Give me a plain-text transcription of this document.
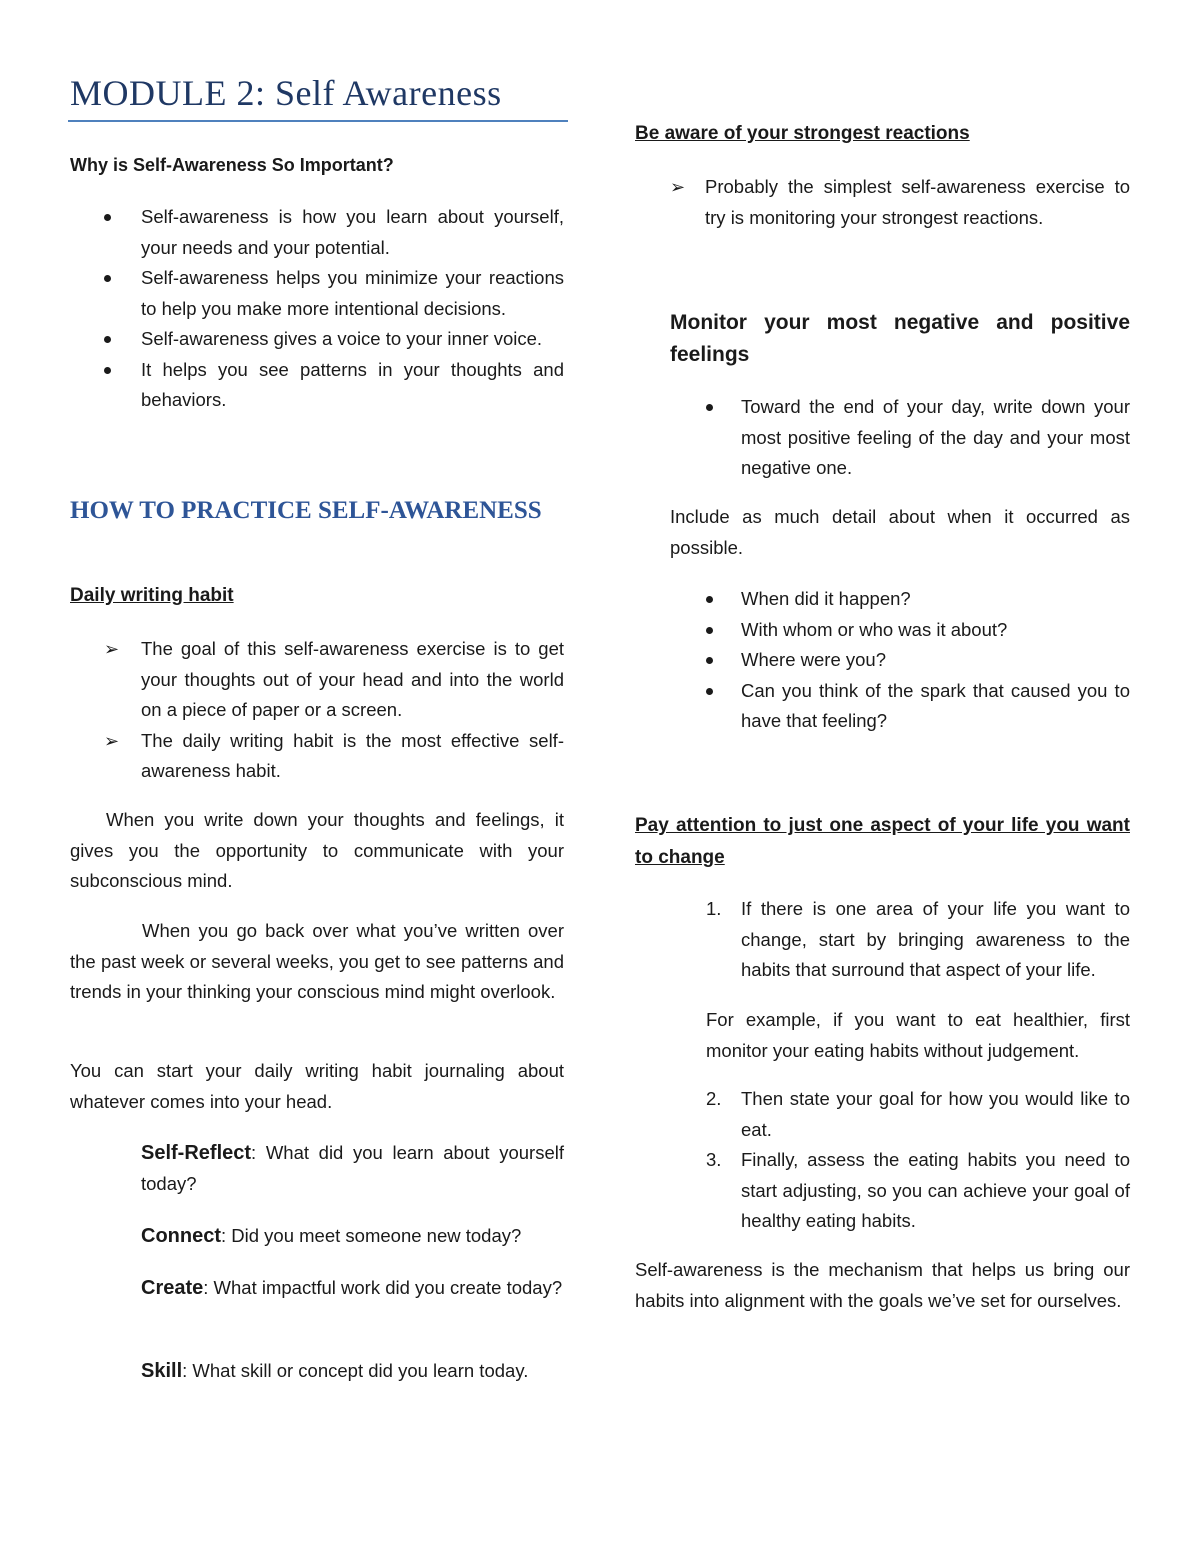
MODULE 2: Self Awareness
Why is Self-Awareness So Important?
Self-awareness is how you learn about yourself, your needs and your potential.
Self-awareness helps you minimize your reactions to help you make more intentional decisions.
Self-awareness gives a voice to your inner voice.
It helps you see patterns in your thoughts and behaviors.
HOW TO PRACTICE SELF-AWARENESS
Daily writing habit
➢ The goal of this self-awareness exercise is to get your thoughts out of your head and into the world on a piece of paper or a screen.
➢ The daily writing habit is the most effective self-awareness habit.
When you write down your thoughts and feelings, it gives you the opportunity to communicate with your subconscious mind.
When you go back over what you’ve written over the past week or several weeks, you get to see patterns and trends in your thinking your conscious mind might overlook.
You can start your daily writing habit journaling about whatever comes into your head.
Self-Reflect: What did you learn about yourself today?
Connect: Did you meet someone new today?
Create: What impactful work did you create today?
Skill: What skill or concept did you learn today.
Be aware of your strongest reactions
➢ Probably the simplest self-awareness exercise to try is monitoring your strongest reactions.
Monitor your most negative and positive feelings
Toward the end of your day, write down your most positive feeling of the day and your most negative one.
Include as much detail about when it occurred as possible.
When did it happen?
With whom or who was it about?
Where were you?
Can you think of the spark that caused you to have that feeling?
Pay attention to just one aspect of your life you want to change
1. If there is one area of your life you want to change, start by bringing awareness to the habits that surround that aspect of your life.
For example, if you want to eat healthier, first monitor your eating habits without judgement.
2. Then state your goal for how you would like to eat.
3. Finally, assess the eating habits you need to start adjusting, so you can achieve your goal of healthy eating habits.
Self-awareness is the mechanism that helps us bring our habits into alignment with the goals we’ve set for ourselves.
